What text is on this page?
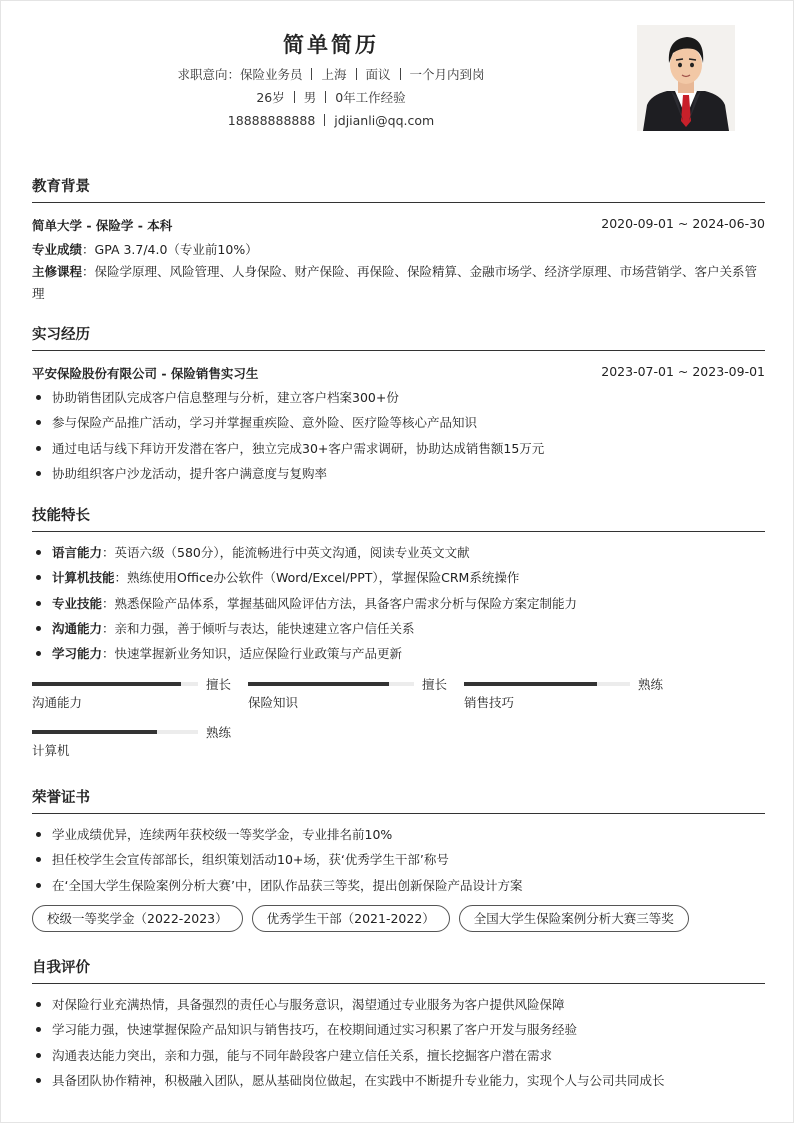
简单简历
求职意向：保险业务员 上海 面议 一个月内到岗
26岁 男 0年工作经验
18888888888 jdjianli@qq.com
教育背景
简单大学 - 保险学 - 本科	2020-09-01 ~ 2024-06-30
专业成绩：GPA 3.7/4.0（专业前10%）
主修课程：保险学原理、风险管理、人身保险、财产保险、再保险、保险精算、金融市场学、经济学原理、市场营销学、客户关系管理
实习经历
平安保险股份有限公司 - 保险销售实习生	2023-07-01 ~ 2023-09-01
协助销售团队完成客户信息整理与分析，建立客户档案300+份
参与保险产品推广活动，学习并掌握重疾险、意外险、医疗险等核心产品知识
通过电话与线下拜访开发潜在客户，独立完成30+客户需求调研，协助达成销售额15万元
协助组织客户沙龙活动，提升客户满意度与复购率
技能特长
语言能力：英语六级（580分），能流畅进行中英文沟通，阅读专业英文文献
计算机技能：熟练使用Office办公软件（Word/Excel/PPT），掌握保险CRM系统操作
专业技能：熟悉保险产品体系，掌握基础风险评估方法，具备客户需求分析与保险方案定制能力
沟通能力：亲和力强，善于倾听与表达，能快速建立客户信任关系
学习能力：快速掌握新业务知识，适应保险行业政策与产品更新
擅长
沟通能力
擅长
保险知识
熟练
销售技巧
熟练
计算机
荣誉证书
学业成绩优异，连续两年获校级一等奖学金，专业排名前10%
担任校学生会宣传部部长，组织策划活动10+场，获‘优秀学生干部’称号
在‘全国大学生保险案例分析大赛’中，团队作品获三等奖，提出创新保险产品设计方案
校级一等奖学金（2022-2023）	优秀学生干部（2021-2022）	全国大学生保险案例分析大赛三等奖
自我评价
对保险行业充满热情，具备强烈的责任心与服务意识，渴望通过专业服务为客户提供风险保障
学习能力强，快速掌握保险产品知识与销售技巧，在校期间通过实习积累了客户开发与服务经验
沟通表达能力突出，亲和力强，能与不同年龄段客户建立信任关系，擅长挖掘客户潜在需求
具备团队协作精神，积极融入团队，愿从基础岗位做起，在实践中不断提升专业能力，实现个人与公司共同成长
